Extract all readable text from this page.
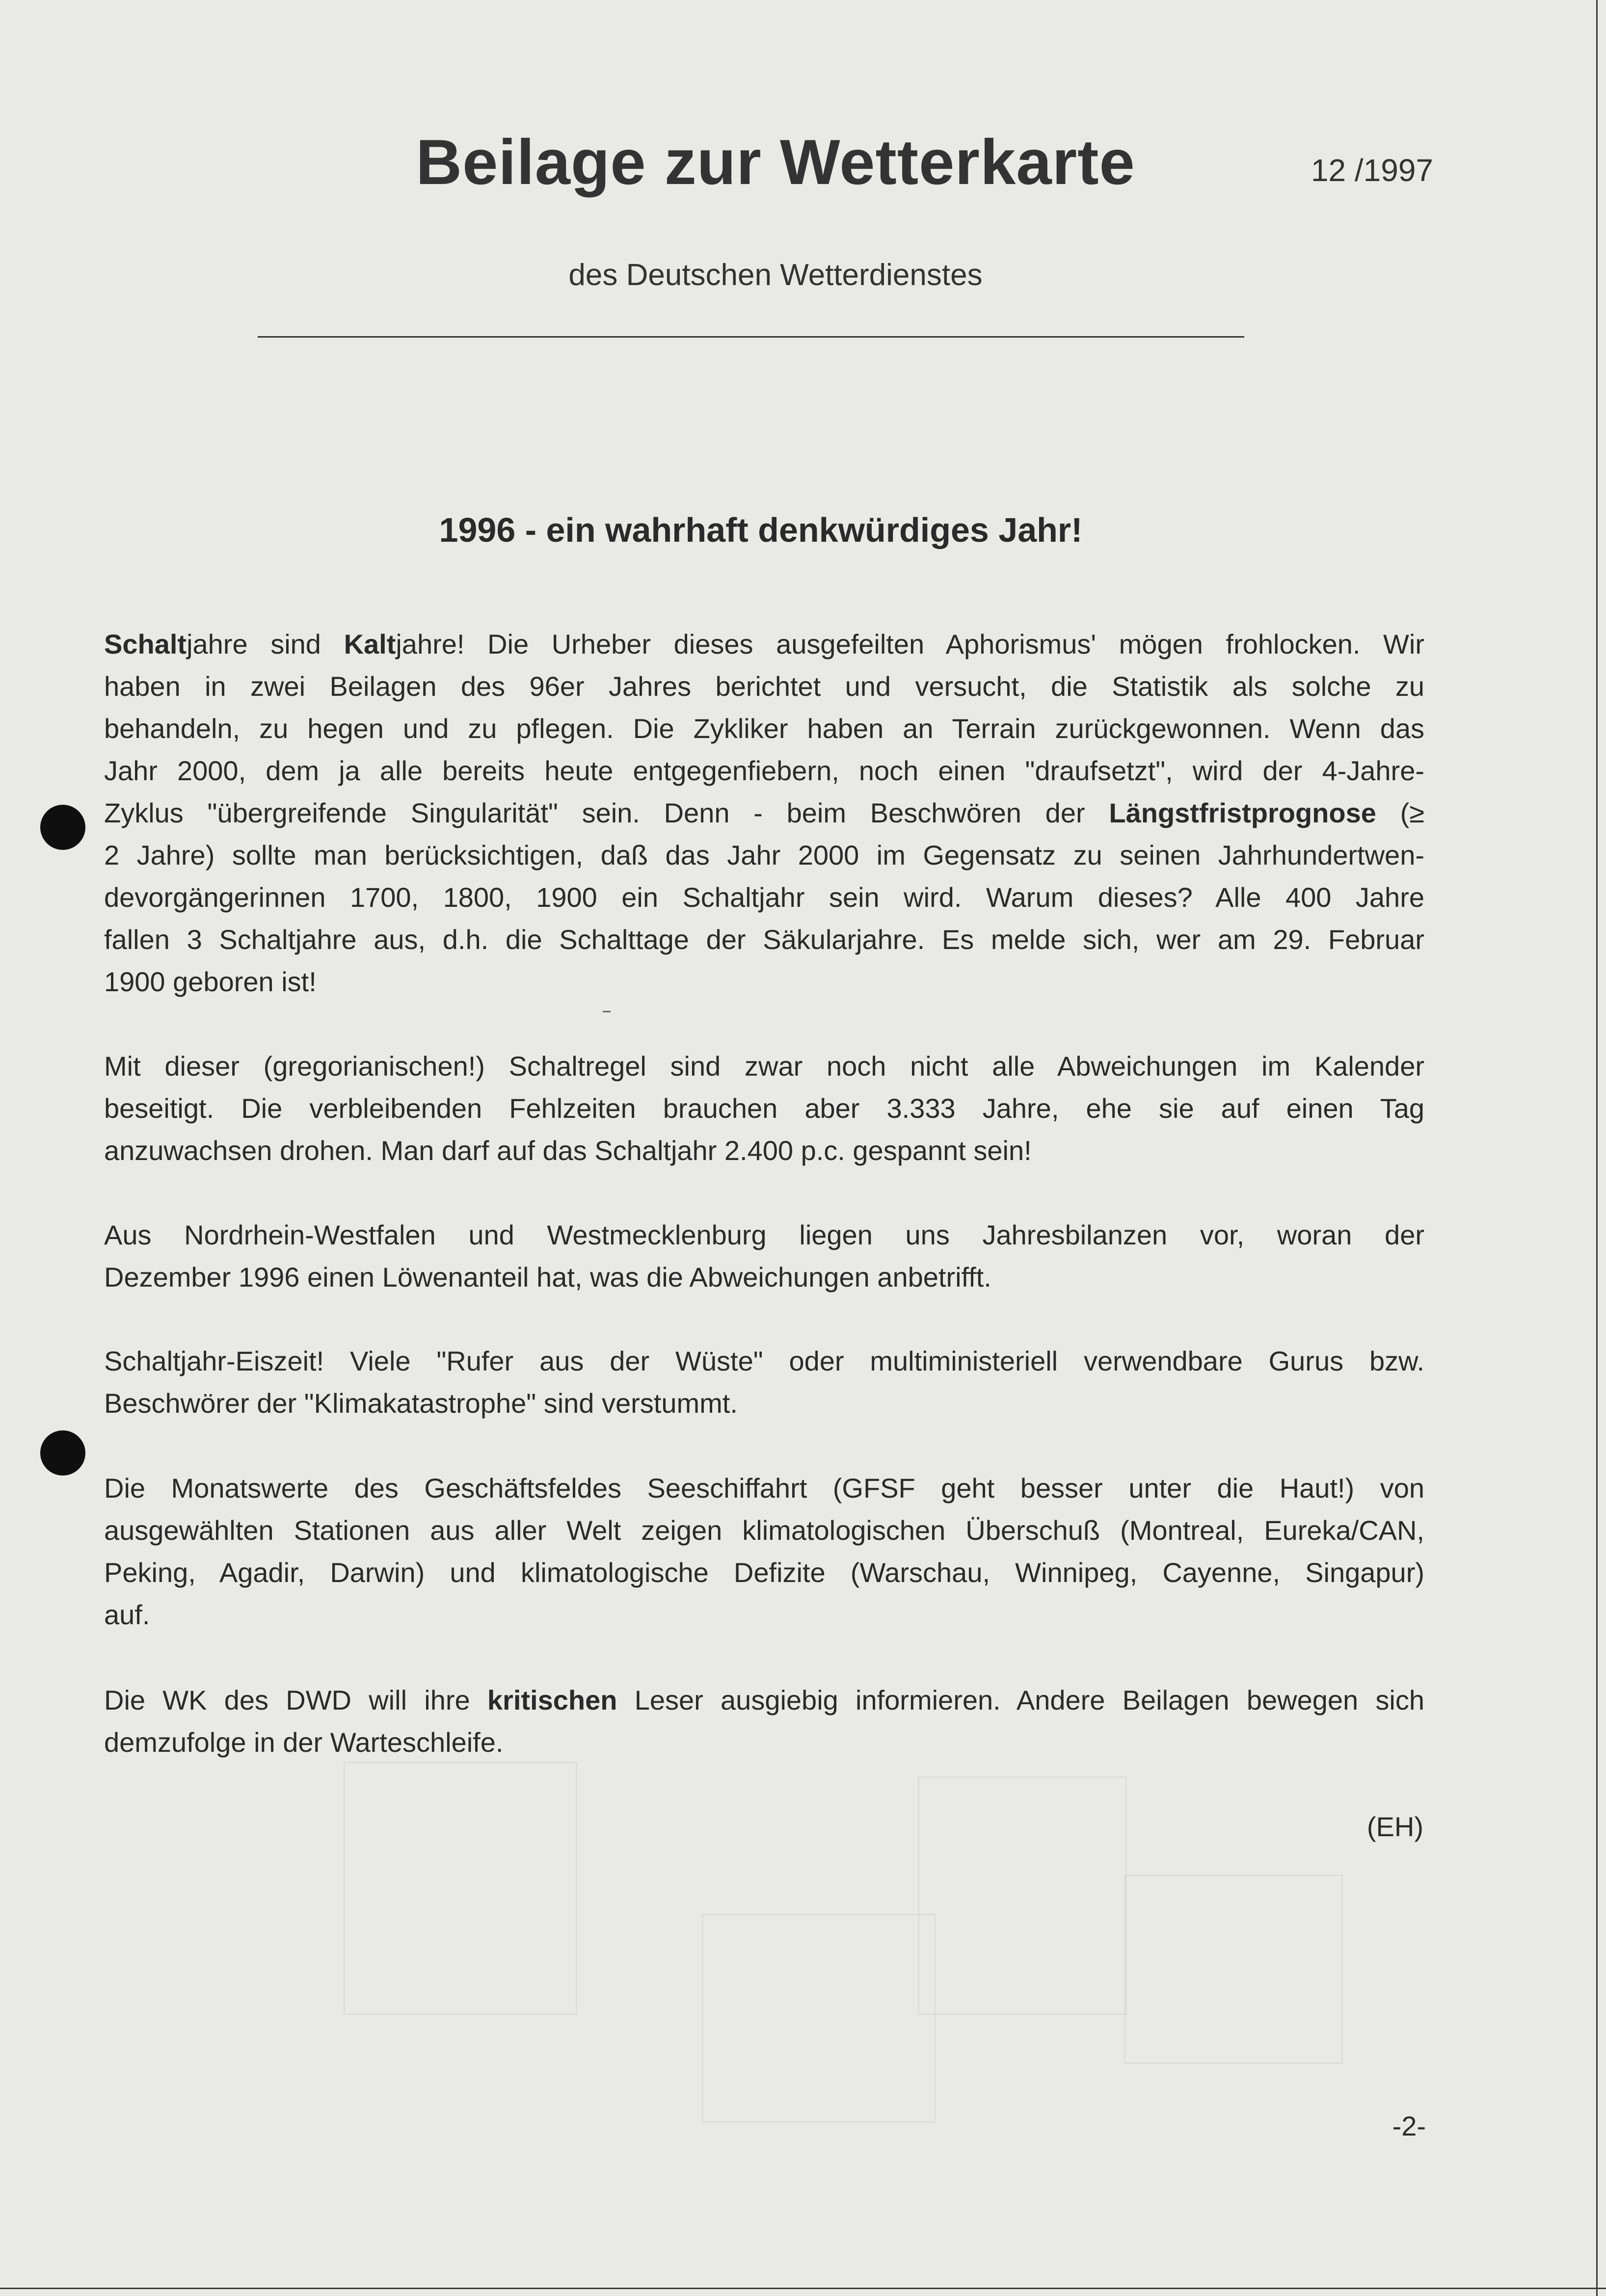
Beilage zur Wetterkarte	12 /1997
des Deutschen Wetterdienstes
1996 - ein wahrhaft denkwürdiges Jahr!
Schaltjahre sind Kaltjahre! Die Urheber dieses ausgefeilten Aphorismus' mögen frohlocken. Wir
haben in zwei Beilagen des 96er Jahres berichtet und versucht, die Statistik als solche zu
behandeln, zu hegen und zu pflegen. Die Zykliker haben an Terrain zurückgewonnen. Wenn das
Jahr 2000, dem ja alle bereits heute entgegenfiebern, noch einen "draufsetzt", wird der 4-Jahre-
Zyklus "übergreifende Singularität" sein. Denn - beim Beschwören der Längstfristprognose (≥
2 Jahre) sollte man berücksichtigen, daß das Jahr 2000 im Gegensatz zu seinen Jahrhundertwen-
devorgängerinnen 1700, 1800, 1900 ein Schaltjahr sein wird. Warum dieses? Alle 400 Jahre
fallen 3 Schaltjahre aus, d.h. die Schalttage der Säkularjahre. Es melde sich, wer am 29. Februar
1900 geboren ist!
Mit dieser (gregorianischen!) Schaltregel sind zwar noch nicht alle Abweichungen im Kalender
beseitigt. Die verbleibenden Fehlzeiten brauchen aber 3.333 Jahre, ehe sie auf einen Tag
anzuwachsen drohen. Man darf auf das Schaltjahr 2.400 p.c. gespannt sein!
Aus Nordrhein-Westfalen und Westmecklenburg liegen uns Jahresbilanzen vor, woran der
Dezember 1996 einen Löwenanteil hat, was die Abweichungen anbetrifft.
Schaltjahr-Eiszeit! Viele "Rufer aus der Wüste" oder multiministeriell verwendbare Gurus bzw.
Beschwörer der "Klimakatastrophe" sind verstummt.
Die Monatswerte des Geschäftsfeldes Seeschiffahrt (GFSF geht besser unter die Haut!) von
ausgewählten Stationen aus aller Welt zeigen klimatologischen Überschuß (Montreal, Eureka/CAN,
Peking, Agadir, Darwin) und klimatologische Defizite (Warschau, Winnipeg, Cayenne, Singapur)
auf.
Die WK des DWD will ihre kritischen Leser ausgiebig informieren. Andere Beilagen bewegen sich
demzufolge in der Warteschleife.
(EH)
-2-
